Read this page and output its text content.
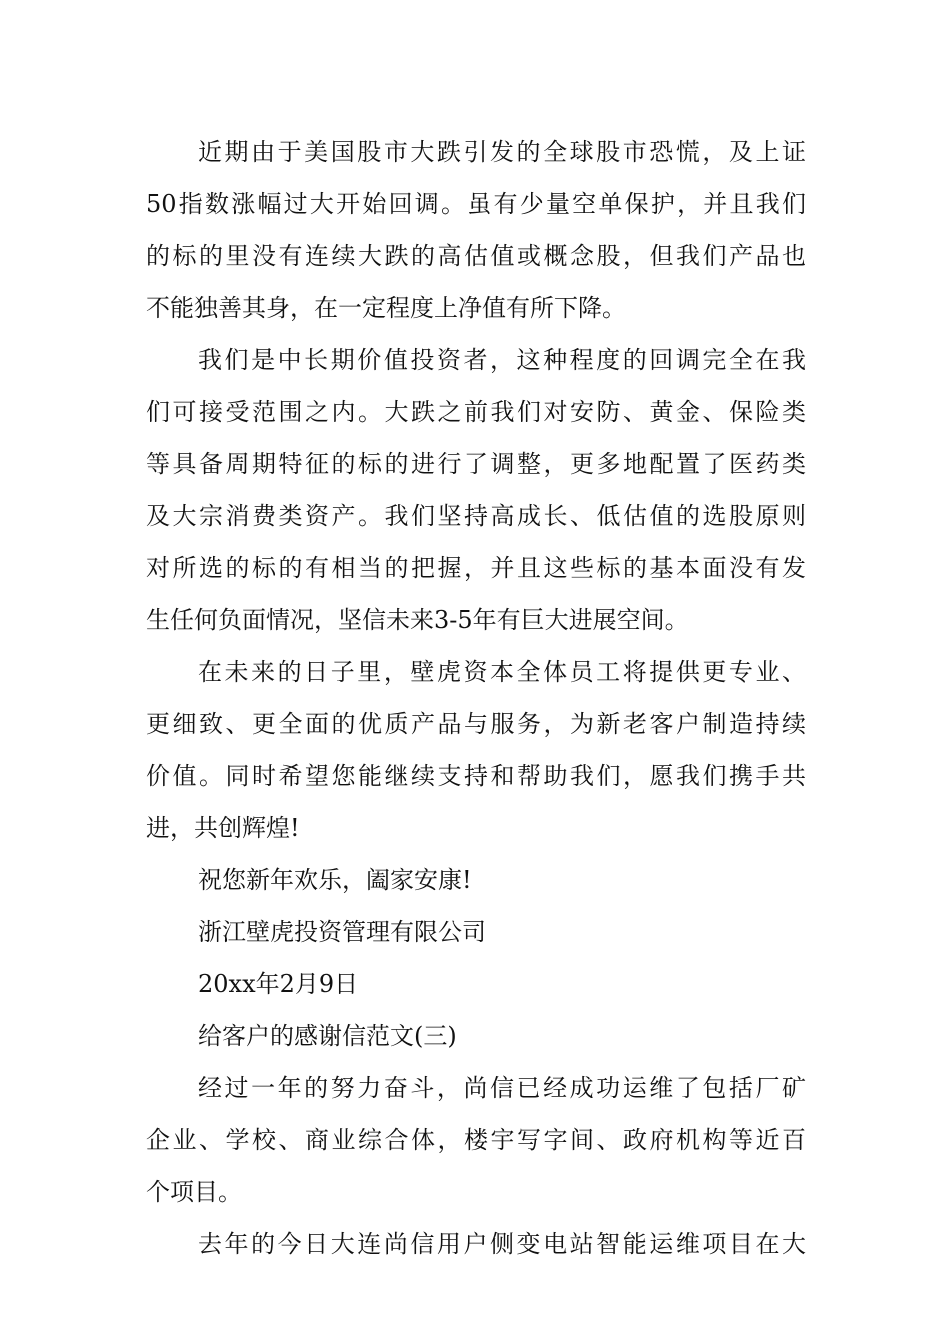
近期由于美国股市大跌引发的全球股市恐慌，及上证
50指数涨幅过大开始回调。虽有少量空单保护，并且我们
的标的里没有连续大跌的高估值或概念股，但我们产品也
不能独善其身，在一定程度上净值有所下降。
我们是中长期价值投资者，这种程度的回调完全在我
们可接受范围之内。大跌之前我们对安防、黄金、保险类
等具备周期特征的标的进行了调整，更多地配置了医药类
及大宗消费类资产。我们坚持高成长、低估值的选股原则
对所选的标的有相当的把握，并且这些标的基本面没有发
生任何负面情况，坚信未来3-5年有巨大进展空间。
在未来的日子里，壁虎资本全体员工将提供更专业、
更细致、更全面的优质产品与服务，为新老客户制造持续
价值。同时希望您能继续支持和帮助我们，愿我们携手共
进，共创辉煌!
祝您新年欢乐，阖家安康!
浙江壁虎投资管理有限公司
20xx年2月9日
给客户的感谢信范文(三)
经过一年的努力奋斗，尚信已经成功运维了包括厂矿
企业、学校、商业综合体，楼宇写字间、政府机构等近百
个项目。
去年的今日大连尚信用户侧变电站智能运维项目在大
